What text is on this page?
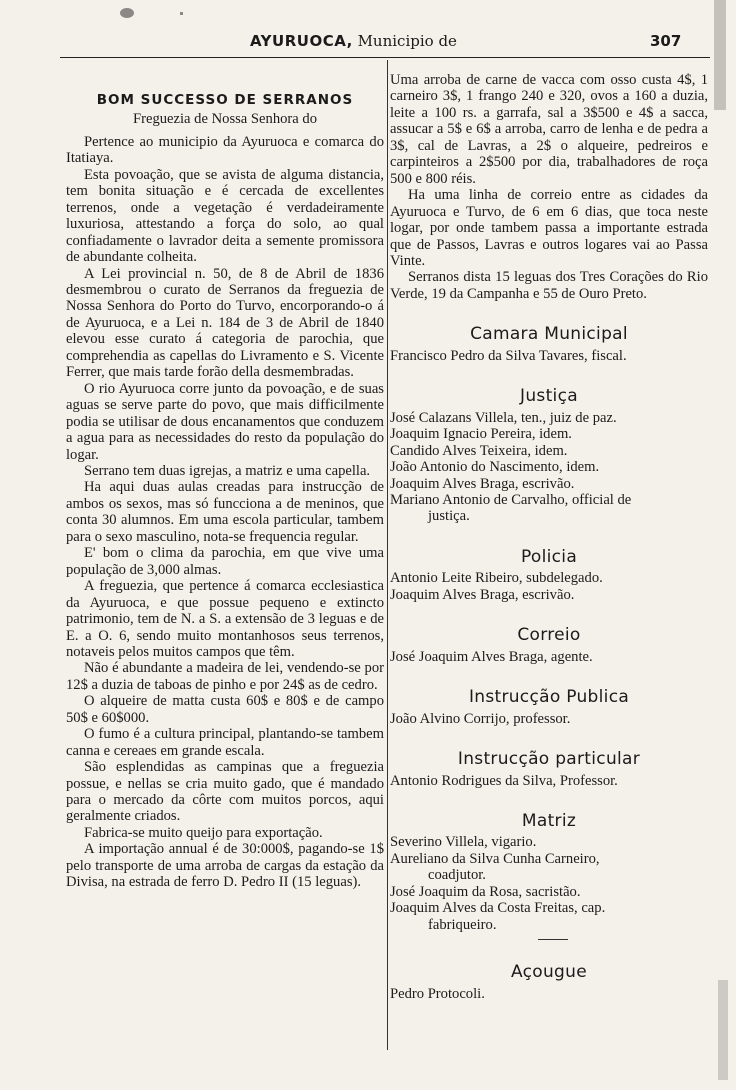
AYURUOCA, Municipio de	307
BOM SUCCESSO DE SERRANOS
Freguezia de Nossa Senhora do

Pertence ao municipio da Ayuruoca e comarca do Itatiaya.

Esta povoação, que se avista de alguma distancia, tem bonita situação e é cercada de excellentes terrenos, onde a vegetação é verdadeiramente luxuriosa, attestando a força do solo, ao qual confiadamente o lavrador deita a semente promissora de abundante colheita.

A Lei provincial n. 50, de 8 de Abril de 1836 desmembrou o curato de Serranos da freguezia de Nossa Senhora do Porto do Turvo, encorporando-o á de Ayuruoca, e a Lei n. 184 de 3 de Abril de 1840 elevou esse curato á categoria de parochia, que comprehendia as capellas do Livramento e S. Vicente Ferrer, que mais tarde forão della desmembradas.

O rio Ayuruoca corre junto da povoação, e de suas aguas se serve parte do povo, que mais difficilmente podia se utilisar de dous encanamentos que conduzem a agua para as necessidades do resto da população do logar.

Serrano tem duas igrejas, a matriz e uma capella.

Ha aqui duas aulas creadas para instrucção de ambos os sexos, mas só funcciona a de meninos, que conta 30 alumnos. Em uma escola particular, tambem para o sexo masculino, nota-se frequencia regular.

E' bom o clima da parochia, em que vive uma população de 3,000 almas.

A freguezia, que pertence á comarca ecclesiastica da Ayuruoca, e que possue pequeno e extincto patrimonio, tem de N. a S. a extensão de 3 leguas e de E. a O. 6, sendo muito montanhosos seus terrenos, notaveis pelos muitos campos que têm.

Não é abundante a madeira de lei, vendendo-se por 12$ a duzia de taboas de pinho e por 24$ as de cedro.

O alqueire de matta custa 60$ e 80$ e de campo 50$ e 60$000.

O fumo é a cultura principal, plantando-se tambem canna e cereaes em grande escala.

São esplendidas as campinas que a freguezia possue, e nellas se cria muito gado, que é mandado para o mercado da côrte com muitos porcos, aqui geralmente criados.

Fabrica-se muito queijo para exportação.

A importação annual é de 30:000$, pagando-se 1$ pelo transporte de uma arroba de cargas da estação da Divisa, na estrada de ferro D. Pedro II (15 leguas).

Uma arroba de carne de vacca com osso custa 4$, 1 carneiro 3$, 1 frango 240 e 320, ovos a 160 a duzia, leite a 100 rs. a garrafa, sal a 3$500 e 4$ a sacca, assucar a 5$ e 6$ a arroba, carro de lenha e de pedra a 3$, cal de Lavras, a 2$ o alqueire, pedreiros e carpinteiros a 2$500 por dia, trabalhadores de roça 500 e 800 réis.

Ha uma linha de correio entre as cidades da Ayuruoca e Turvo, de 6 em 6 dias, que toca neste logar, por onde tambem passa a importante estrada que de Passos, Lavras e outros logares vai ao Passa Vinte.

Serranos dista 15 leguas dos Tres Corações do Rio Verde, 19 da Campanha e 55 de Ouro Preto.

Camara Municipal
Francisco Pedro da Silva Tavares, fiscal.
Justiça
José Calazans Villela, ten., juiz de paz.
Joaquim Ignacio Pereira, idem.
Candido Alves Teixeira, idem.
João Antonio do Nascimento, idem.
Joaquim Alves Braga, escrivão.
Mariano Antonio de Carvalho, official de
justiça.
Policia
Antonio Leite Ribeiro, subdelegado.
Joaquim Alves Braga, escrivão.
Correio
José Joaquim Alves Braga, agente.
Instrucção Publica
João Alvino Corrijo, professor.
Instrucção particular
Antonio Rodrigues da Silva, Professor.
Matriz
Severino Villela, vigario.
Aureliano da Silva Cunha Carneiro,
coadjutor.
José Joaquim da Rosa, sacristão.
Joaquim Alves da Costa Freitas, cap.
fabriqueiro.
Açougue
Pedro Protocoli.
